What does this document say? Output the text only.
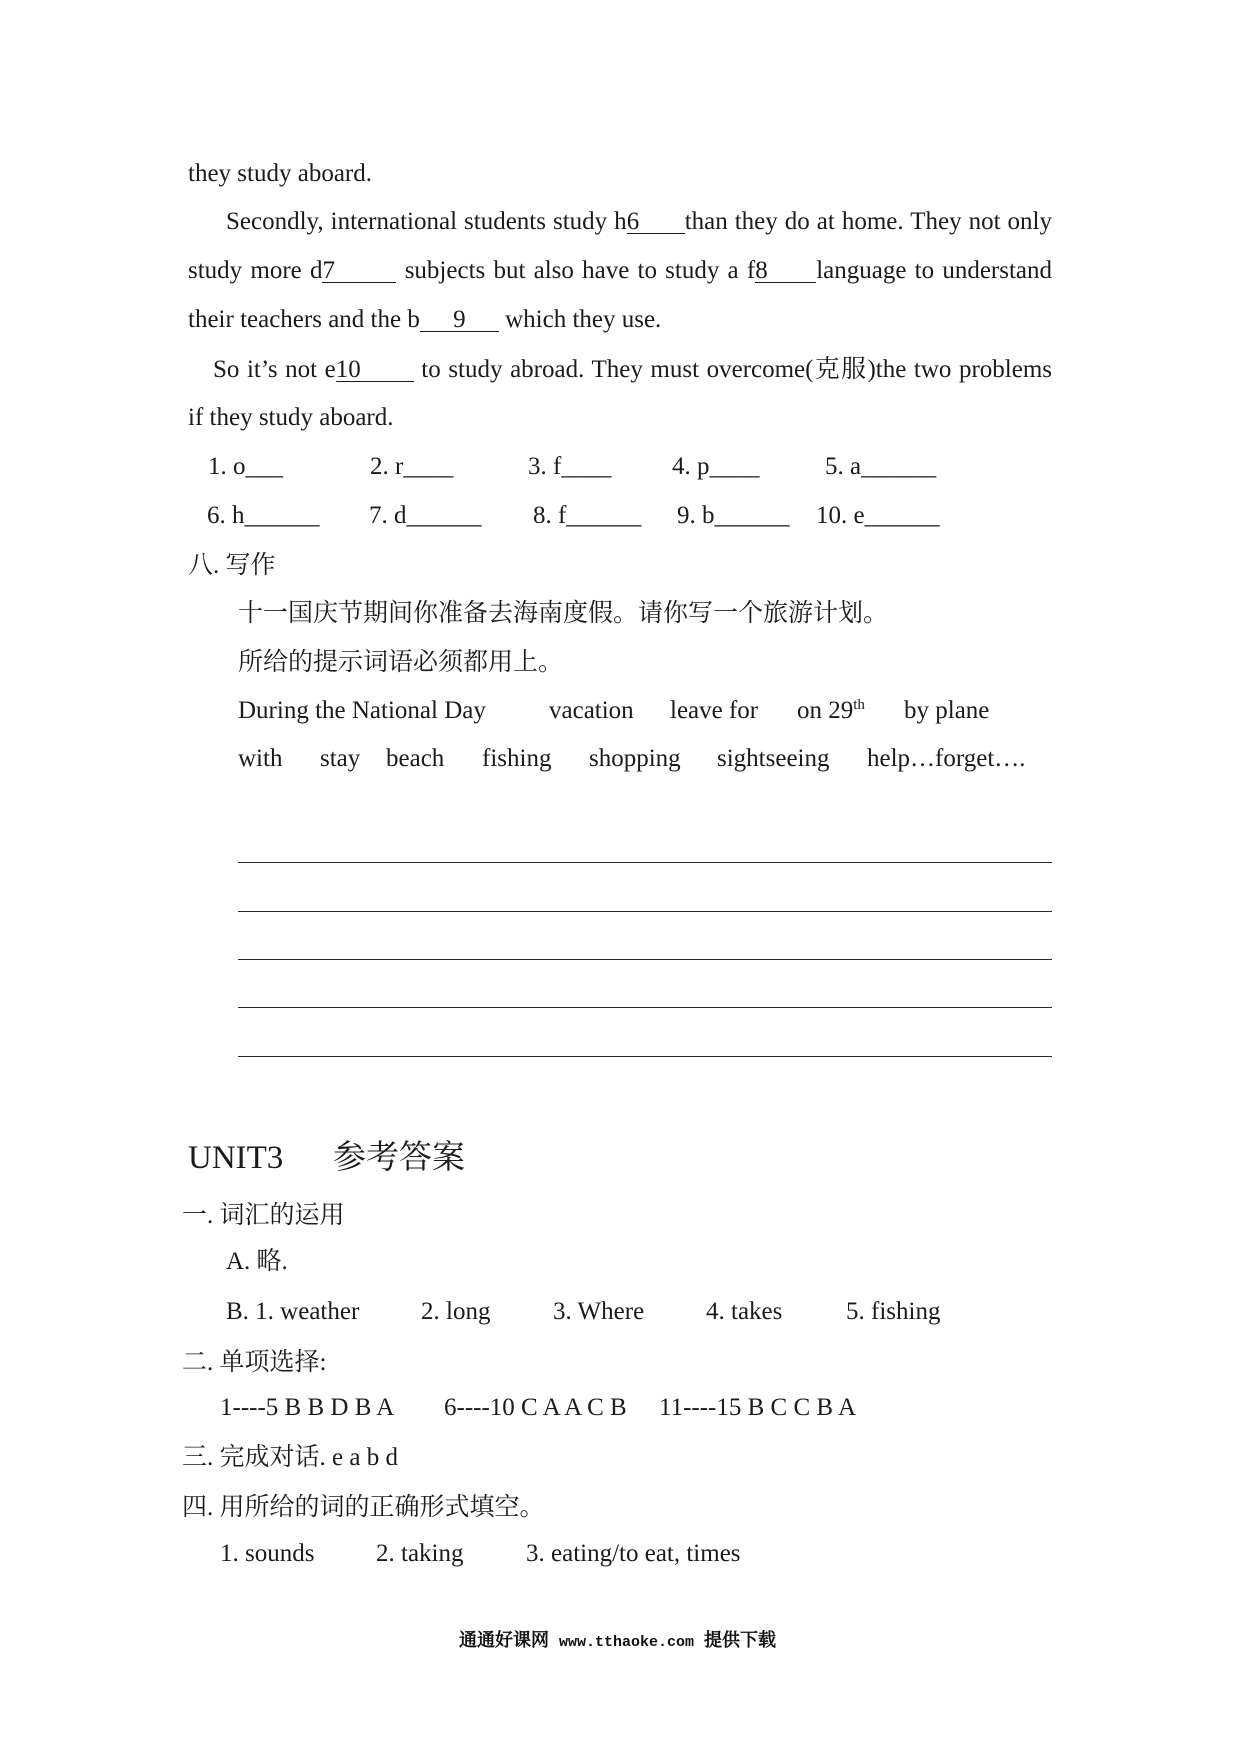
they study aboard.
Secondly, international students study h6 than they do at home. They not only
study more d7 subjects but also have to study a f8 language to understand
their teachers and the b 9 which they use.
So it’s not e10 to study abroad. They must overcome(克服)the two problems
if they study aboard.
1. o___	2. r____	3. f____ 4. p____	5. a______
6. h______ 7. d______ 8. f______ 9. b______ 10. e______
八. 写作
十一国庆节期间你准备去海南度假。请你写一个旅游计划。
所给的提示词语必须都用上。
During the National Day	vacation leave for on 29th by plane
with stay beach fishing shopping sightseeing help…forget….
UNIT3 参考答案
一. 词汇的运用
A. 略.
B. 1. weather 2. long	3. Where 4. takes	5. fishing
二. 单项选择:
1----5 B B D B A 6----10 C A A C B 11----15 B C C B A
三. 完成对话. e a b d
四. 用所给的词的正确形式填空。
1. sounds 2. taking	3. eating/to eat, times
通通好课网 www.tthaoke.com 提供下载
